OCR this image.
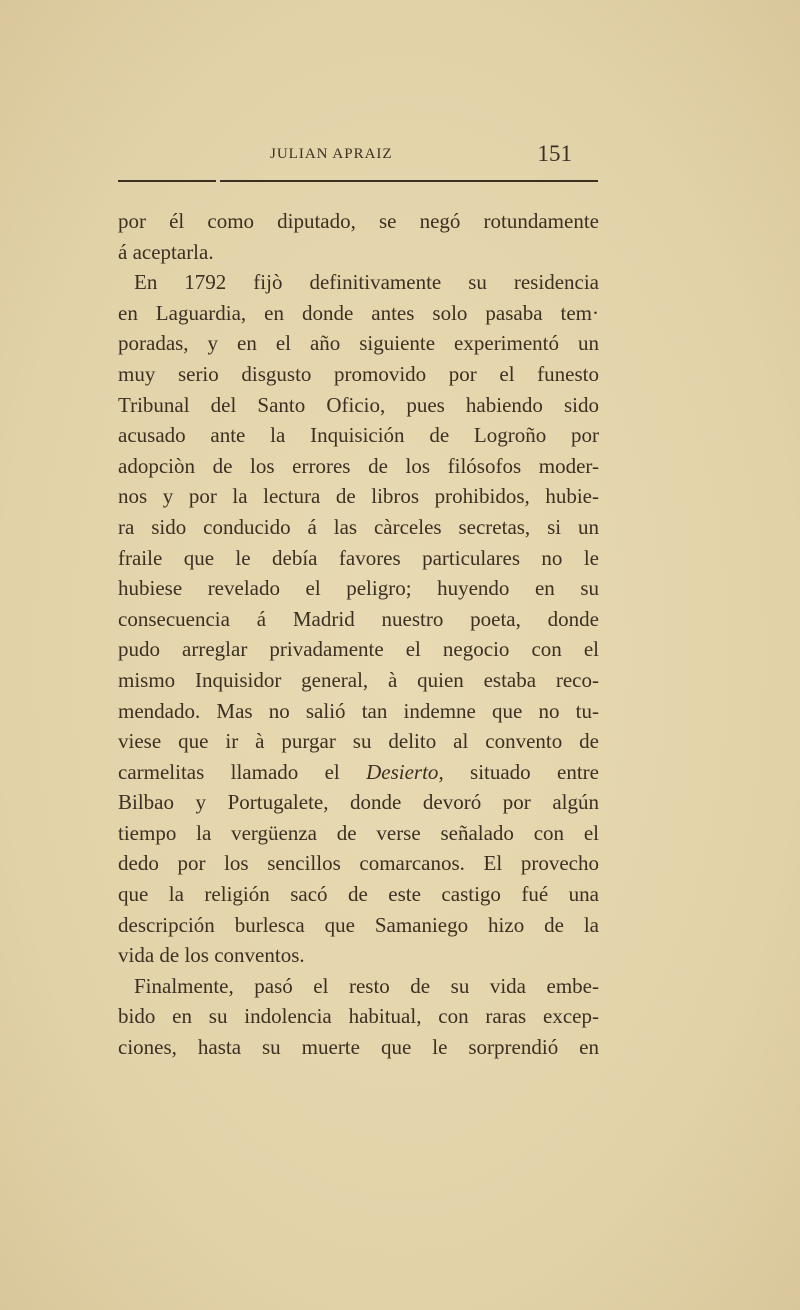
JULIAN APRAIZ	151
por él como diputado, se negó rotundamente
á aceptarla.
En 1792 fijò definitivamente su residencia
en Laguardia, en donde antes solo pasaba tem·
poradas, y en el año siguiente experimentó un
muy serio disgusto promovido por el funesto
Tribunal del Santo Oficio, pues habiendo sido
acusado ante la Inquisición de Logroño por
adopciòn de los errores de los filósofos moder-
nos y por la lectura de libros prohibidos, hubie-
ra sido conducido á las càrceles secretas, si un
fraile que le debía favores particulares no le
hubiese revelado el peligro; huyendo en su
consecuencia á Madrid nuestro poeta, donde
pudo arreglar privadamente el negocio con el
mismo Inquisidor general, à quien estaba reco-
mendado. Mas no salió tan indemne que no tu-
viese que ir à purgar su delito al convento de
carmelitas llamado el Desierto, situado entre
Bilbao y Portugalete, donde devoró por algún
tiempo la vergüenza de verse señalado con el
dedo por los sencillos comarcanos. El provecho
que la religión sacó de este castigo fué una
descripción burlesca que Samaniego hizo de la
vida de los conventos.
Finalmente, pasó el resto de su vida embe-
bido en su indolencia habitual, con raras excep-
ciones, hasta su muerte que le sorprendió en
